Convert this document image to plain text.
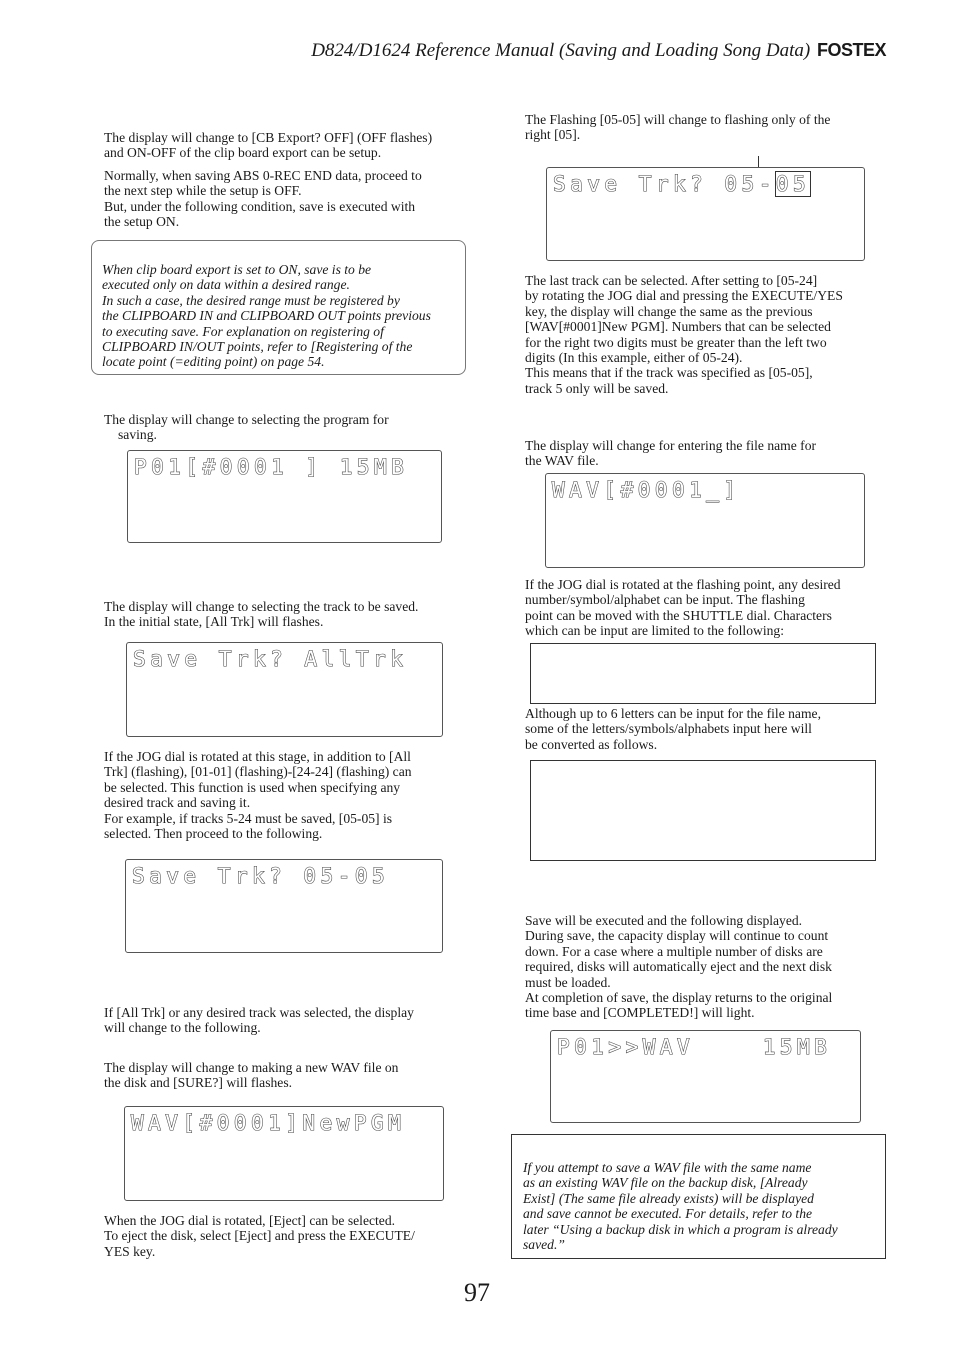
D824/D1624 Reference Manual (Saving and Loading Song Data) FOSTEX

The display will change to [CB Export? OFF] (OFF flashes)
and ON-OFF of the clip board export can be setup.

Normally, when saving ABS 0-REC END data, proceed to
the next step while the setup is OFF.
But, under the following condition, save is executed with
the setup ON.

When clip board export is set to ON, save is to be
executed only on data within a desired range.
In such a case, the desired range must be registered by
the CLIPBOARD IN and CLIPBOARD OUT points previous
to executing save. For explanation on registering of
CLIPBOARD IN/OUT points, refer to [Registering of the
locate point (=editing point) on page 54.

The display will change to selecting the program for
saving.

P01[#0001 ] 15MB

The display will change to selecting the track to be saved.
In the initial state, [All Trk] will flashes.

Save Trk? AllTrk

If the JOG dial is rotated at this stage, in addition to [All
Trk] (flashing), [01-01] (flashing)-[24-24] (flashing) can
be selected. This function is used when specifying any
desired track and saving it.
For example, if tracks 5-24 must be saved, [05-05] is
selected. Then proceed to the following.

Save Trk? 05-05

If [All Trk] or any desired track was selected, the display
will change to the following.

The display will change to making a new WAV file on
the disk and [SURE?] will flashes.

WAV[#0001]NewPGM

When the JOG dial is rotated, [Eject] can be selected.
To eject the disk, select [Eject] and press the EXECUTE/
YES key.

The Flashing [05-05] will change to flashing only of the
right [05].

Save Trk? 05-05

The last track can be selected. After setting to [05-24]
by rotating the JOG dial and pressing the EXECUTE/YES
key, the display will change the same as the previous
[WAV[#0001]New PGM]. Numbers that can be selected
for the right two digits must be greater than the left two
digits (In this example, either of 05-24).
This means that if the track was specified as [05-05],
track 5 only will be saved.

The display will change for entering the file name for
the WAV file.

WAV[#0001_]

If the JOG dial is rotated at the flashing point, any desired
number/symbol/alphabet can be input. The flashing
point can be moved with the SHUTTLE dial. Characters
which can be input are limited to the following:

Although up to 6 letters can be input for the file name,
some of the letters/symbols/alphabets input here will
be converted as follows.

Save will be executed and the following displayed.
During save, the capacity display will continue to count
down. For a case where a multiple number of disks are
required, disks will automatically eject and the next disk
must be loaded.
At completion of save, the display returns to the original
time base and [COMPLETED!] will light.

P01>>WAV    15MB
If you attempt to save a WAV file with the same name
as an existing WAV file on the backup disk, [Already
Exist] (The same file already exists) will be displayed
and save cannot be executed. For details, refer to the
later “Using a backup disk in which a program is already
saved.”
97
